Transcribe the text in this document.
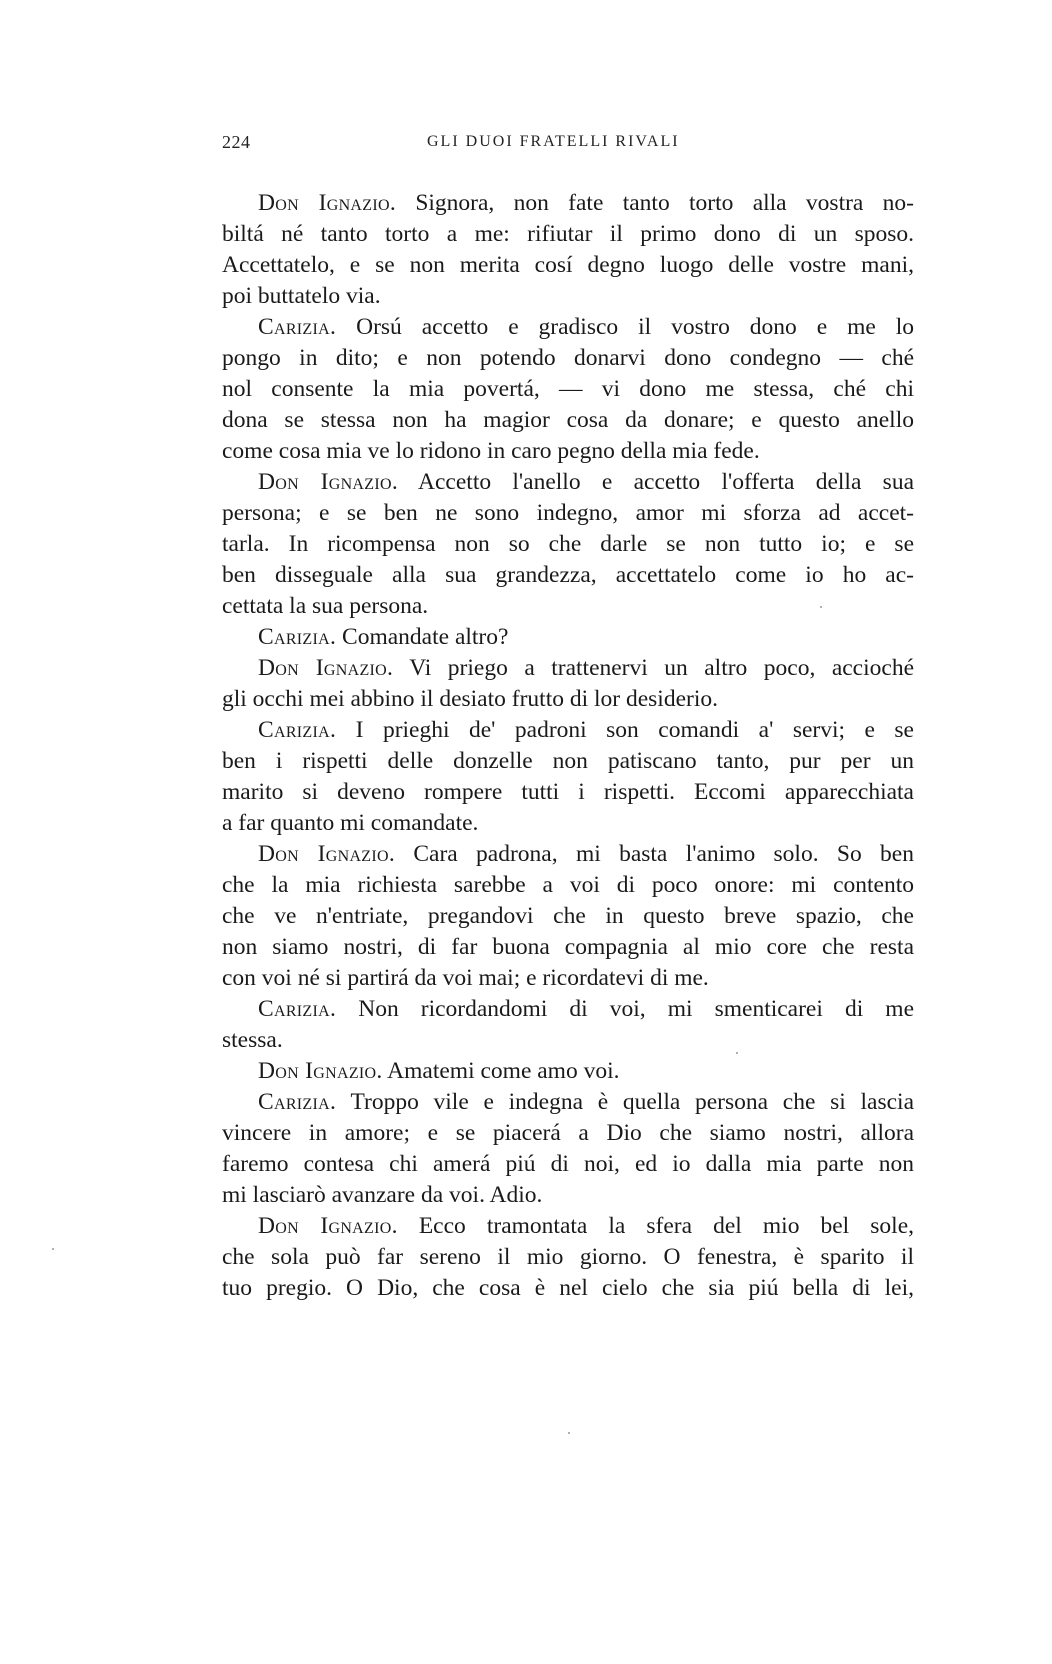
224	GLI DUOI FRATELLI RIVALI
Don Ignazio. Signora, non fate tanto torto alla vostra no-
biltá né tanto torto a me: rifiutar il primo dono di un sposo.
Accettatelo, e se non merita cosí degno luogo delle vostre mani,
poi buttatelo via.
Carizia. Orsú accetto e gradisco il vostro dono e me lo
pongo in dito; e non potendo donarvi dono condegno — ché
nol consente la mia povertá, — vi dono me stessa, ché chi
dona se stessa non ha magior cosa da donare; e questo anello
come cosa mia ve lo ridono in caro pegno della mia fede.
Don Ignazio. Accetto l'anello e accetto l'offerta della sua
persona; e se ben ne sono indegno, amor mi sforza ad accet-
tarla. In ricompensa non so che darle se non tutto io; e se
ben disseguale alla sua grandezza, accettatelo come io ho ac-
cettata la sua persona.
Carizia. Comandate altro?
Don Ignazio. Vi priego a trattenervi un altro poco, accioché
gli occhi mei abbino il desiato frutto di lor desiderio.
Carizia. I prieghi de' padroni son comandi a' servi; e se
ben i rispetti delle donzelle non patiscano tanto, pur per un
marito si deveno rompere tutti i rispetti. Eccomi apparecchiata
a far quanto mi comandate.
Don Ignazio. Cara padrona, mi basta l'animo solo. So ben
che la mia richiesta sarebbe a voi di poco onore: mi contento
che ve n'entriate, pregandovi che in questo breve spazio, che
non siamo nostri, di far buona compagnia al mio core che resta
con voi né si partirá da voi mai; e ricordatevi di me.
Carizia. Non ricordandomi di voi, mi smenticarei di me
stessa.
Don Ignazio. Amatemi come amo voi.
Carizia. Troppo vile e indegna è quella persona che si lascia
vincere in amore; e se piacerá a Dio che siamo nostri, allora
faremo contesa chi amerá piú di noi, ed io dalla mia parte non
mi lasciarò avanzare da voi. Adio.
Don Ignazio. Ecco tramontata la sfera del mio bel sole,
che sola può far sereno il mio giorno. O fenestra, è sparito il
tuo pregio. O Dio, che cosa è nel cielo che sia piú bella di lei,
